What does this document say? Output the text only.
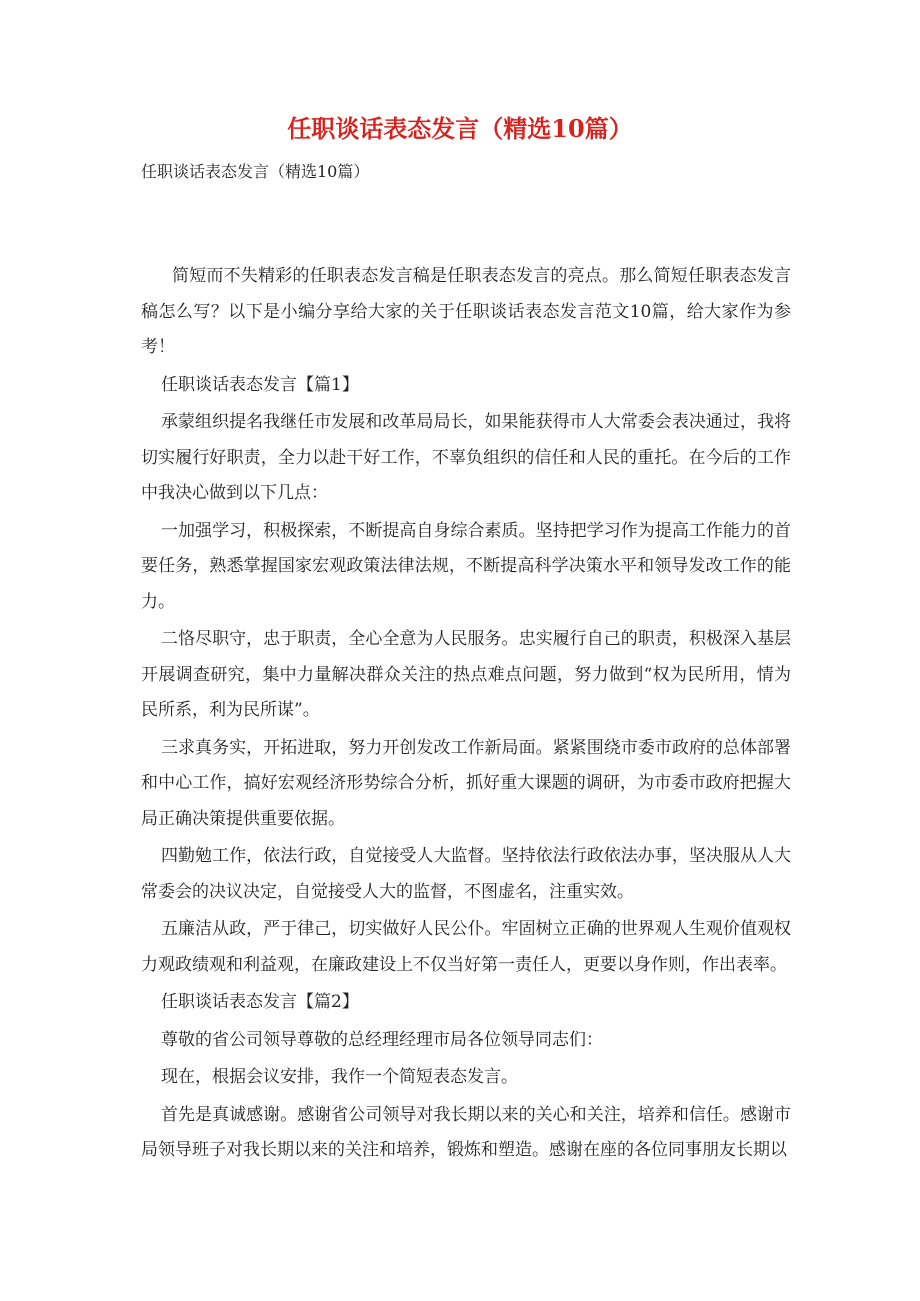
任职谈话表态发言（精选10篇）

任职谈话表态发言（精选10篇）

简短而不失精彩的任职表态发言稿是任职表态发言的亮点。那么简短任职表态发言稿怎么写？以下是小编分享给大家的关于任职谈话表态发言范文10篇，给大家作为参考！

任职谈话表态发言【篇1】

承蒙组织提名我继任市发展和改革局局长，如果能获得市人大常委会表决通过，我将切实履行好职责，全力以赴干好工作，不辜负组织的信任和人民的重托。在今后的工作中我决心做到以下几点：

一加强学习，积极探索，不断提高自身综合素质。坚持把学习作为提高工作能力的首要任务，熟悉掌握国家宏观政策法律法规，不断提高科学决策水平和领导发改工作的能力。

二恪尽职守，忠于职责，全心全意为人民服务。忠实履行自己的职责，积极深入基层开展调查研究，集中力量解决群众关注的热点难点问题，努力做到“权为民所用，情为民所系，利为民所谋”。

三求真务实，开拓进取，努力开创发改工作新局面。紧紧围绕市委市政府的总体部署和中心工作，搞好宏观经济形势综合分析，抓好重大课题的调研，为市委市政府把握大局正确决策提供重要依据。

四勤勉工作，依法行政，自觉接受人大监督。坚持依法行政依法办事，坚决服从人大常委会的决议决定，自觉接受人大的监督，不图虚名，注重实效。

五廉洁从政，严于律己，切实做好人民公仆。牢固树立正确的世界观人生观价值观权力观政绩观和利益观，在廉政建设上不仅当好第一责任人，更要以身作则，作出表率。

任职谈话表态发言【篇2】

尊敬的省公司领导尊敬的总经理经理市局各位领导同志们：

现在，根据会议安排，我作一个简短表态发言。

首先是真诚感谢。感谢省公司领导对我长期以来的关心和关注，培养和信任。感谢市局领导班子对我长期以来的关注和培养，锻炼和塑造。感谢在座的各位同事朋友长期以
